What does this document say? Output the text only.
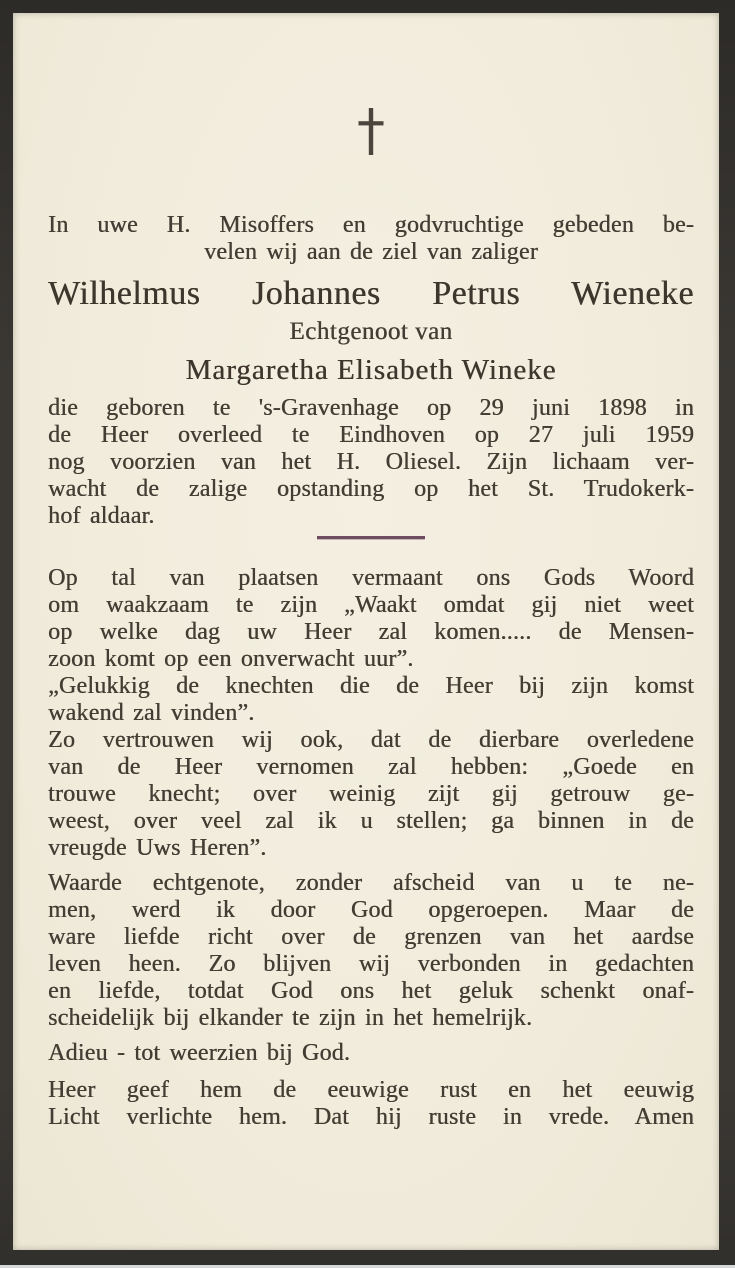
In uwe H. Misoffers en godvruchtige gebeden be-
velen wij aan de ziel van zaliger
Wilhelmus Johannes Petrus Wieneke
Echtgenoot van
Margaretha Elisabeth Wineke
die geboren te 's-Gravenhage op 29 juni 1898 in
de Heer overleed te Eindhoven op 27 juli 1959
nog voorzien van het H. Oliesel. Zijn lichaam ver-
wacht de zalige opstanding op het St. Trudokerk-
hof aldaar.
Op tal van plaatsen vermaant ons Gods Woord
om waakzaam te zijn „Waakt omdat gij niet weet
op welke dag uw Heer zal komen..... de Mensen-
zoon komt op een onverwacht uur”.
„Gelukkig de knechten die de Heer bij zijn komst
wakend zal vinden”.
Zo vertrouwen wij ook, dat de dierbare overledene
van de Heer vernomen zal hebben: „Goede en
trouwe knecht; over weinig zijt gij getrouw ge-
weest, over veel zal ik u stellen; ga binnen in de
vreugde Uws Heren”.
Waarde echtgenote, zonder afscheid van u te ne-
men, werd ik door God opgeroepen. Maar de
ware liefde richt over de grenzen van het aardse
leven heen. Zo blijven wij verbonden in gedachten
en liefde, totdat God ons het geluk schenkt onaf-
scheidelijk bij elkander te zijn in het hemelrijk.
Adieu - tot weerzien bij God.
Heer geef hem de eeuwige rust en het eeuwig
Licht verlichte hem. Dat hij ruste in vrede. Amen
